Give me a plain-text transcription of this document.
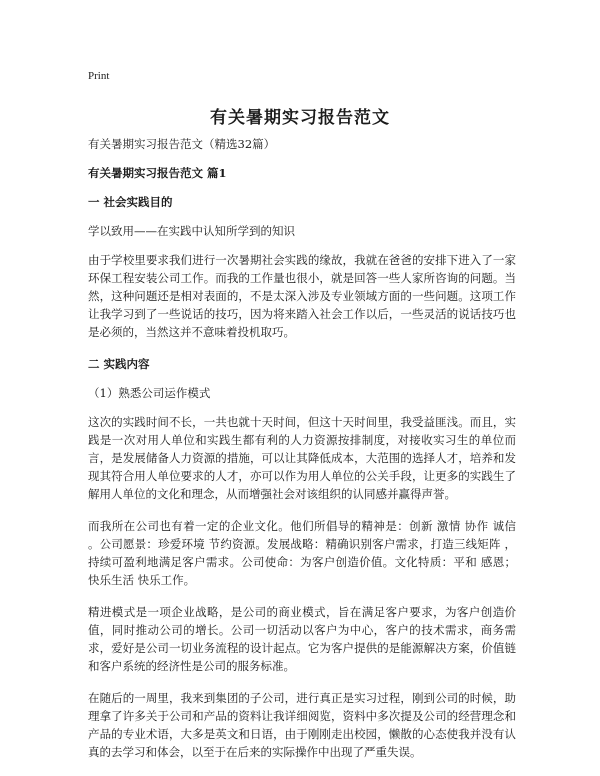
Print
有关暑期实习报告范文

有关暑期实习报告范文（精选32篇）

有关暑期实习报告范文 篇1

一 社会实践目的

学以致用——在实践中认知所学到的知识

由于学校里要求我们进行一次暑期社会实践的缘故，我就在爸爸的安排下进入了一家环保工程安装公司工作。而我的工作量也很小，就是回答一些人家所咨询的问题。当然，这种问题还是相对表面的，不是太深入涉及专业领域方面的一些问题。这项工作让我学习到了一些说话的技巧，因为将来踏入社会工作以后，一些灵活的说话技巧也是必须的，当然这并不意味着投机取巧。

二 实践内容

（1）熟悉公司运作模式

这次的实践时间不长，一共也就十天时间，但这十天时间里，我受益匪浅。而且，实践是一次对用人单位和实践生都有利的人力资源按排制度，对接收实习生的单位而言，是发展储备人力资源的措施，可以让其降低成本，大范围的选择人才，培养和发现其符合用人单位要求的人才，亦可以作为用人单位的公关手段，让更多的实践生了解用人单位的文化和理念，从而增强社会对该组织的认同感并赢得声誉。

而我所在公司也有着一定的企业文化。他们所倡导的精神是：创新 激情 协作 诚信 。公司愿景：珍爱环境 节约资源。发展战略：精确识别客户需求，打造三线矩阵 ，持续可盈利地满足客户需求。公司使命：为客户创造价值。文化特质：平和 感恩；快乐生活 快乐工作。

精进模式是一项企业战略，是公司的商业模式，旨在满足客户要求，为客户创造价值，同时推动公司的增长。公司一切活动以客户为中心，客户的技术需求，商务需求，爱好是公司一切业务流程的设计起点。它为客户提供的是能源解决方案，价值链和客户系统的经济性是公司的服务标准。

在随后的一周里，我来到集团的子公司，进行真正是实习过程，刚到公司的时候，助理拿了许多关于公司和产品的资料让我详细阅览，资料中多次提及公司的经营理念和产品的专业术语，大多是英文和日语，由于刚刚走出校园，懒散的心态使我并没有认真的去学习和体会，以至于在后来的实际操作中出现了严重失误。
